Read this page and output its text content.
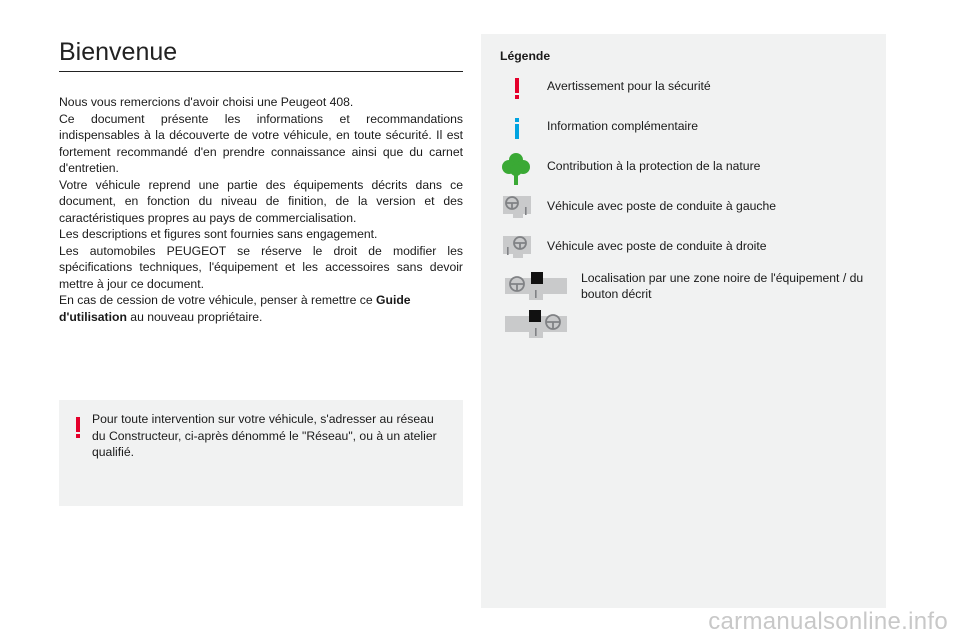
Bienvenue

Nous vous remercions d'avoir choisi une Peugeot 408.

Ce document présente les informations et recommandations indispensables à la découverte de votre véhicule, en toute sécurité. Il est fortement recommandé d'en prendre connaissance ainsi que du carnet d'entretien.

Votre véhicule reprend une partie des équipements décrits dans ce document, en fonction du niveau de finition, de la version et des caractéristiques propres au pays de commercialisation.

Les descriptions et figures sont fournies sans engagement.

Les automobiles PEUGEOT se réserve le droit de modifier les spécifications techniques, l'équipement et les accessoires sans devoir mettre à jour ce document.

En cas de cession de votre véhicule, penser à remettre ce Guide d'utilisation au nouveau propriétaire.

Pour toute intervention sur votre véhicule, s'adresser au réseau du Constructeur, ci-après dénommé le "Réseau", ou à un atelier qualifié.
Légende
Avertissement pour la sécurité
Information complémentaire
Contribution à la protection de la nature
Véhicule avec poste de conduite à gauche
Véhicule avec poste de conduite à droite
Localisation par une zone noire de l'équipement / du bouton décrit
carmanualsonline.info
